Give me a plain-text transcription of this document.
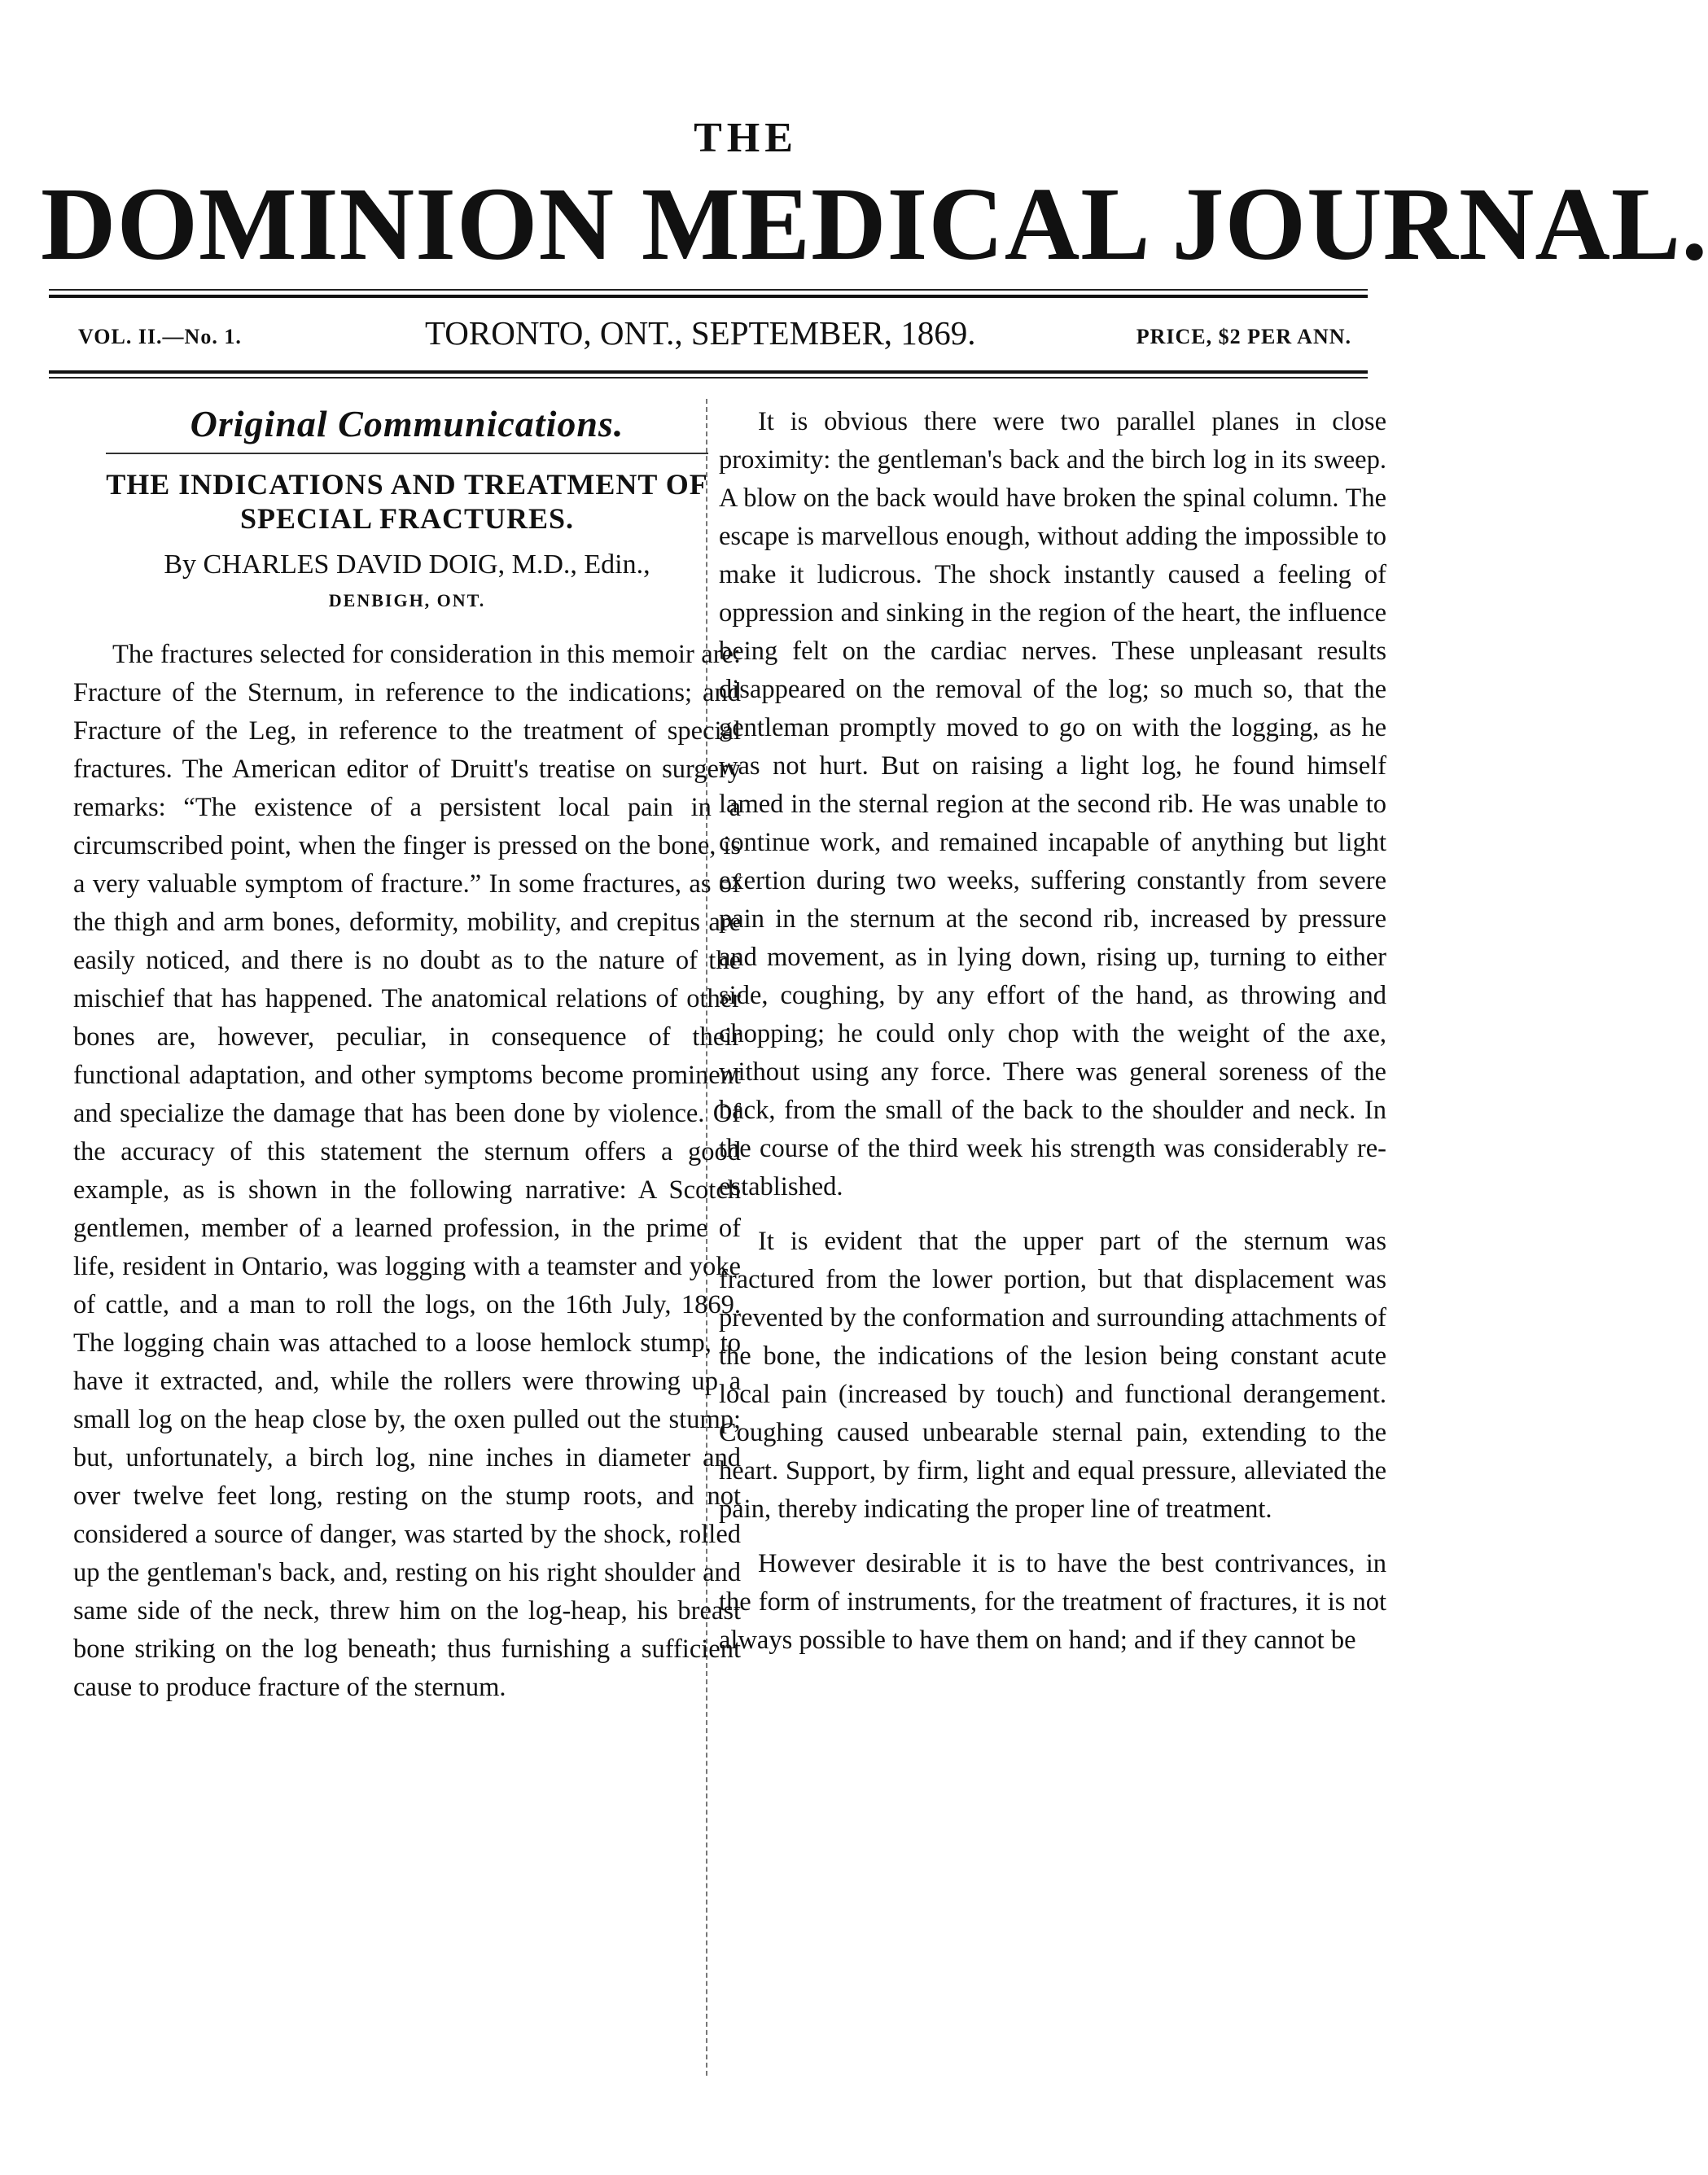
THE
DOMINION MEDICAL JOURNAL.
VOL. II.—No. 1.	TORONTO, ONT., SEPTEMBER, 1869.	PRICE, $2 PER ANN.
Original Communications.
THE INDICATIONS AND TREATMENT OF SPECIAL FRACTURES.
By CHARLES DAVID DOIG, M.D., Edin.,
DENBIGH, ONT.

The fractures selected for consideration in this memoir are: Fracture of the Sternum, in reference to the indications; and Fracture of the Leg, in reference to the treatment of special fractures. The American editor of Druitt's treatise on surgery remarks: “The existence of a persistent local pain in a circumscribed point, when the finger is pressed on the bone, is a very valuable symptom of fracture.” In some fractures, as of the thigh and arm bones, deformity, mobility, and crepitus are easily noticed, and there is no doubt as to the nature of the mischief that has happened. The anatomical relations of other bones are, however, peculiar, in consequence of their functional adaptation, and other symptoms become prominent and specialize the damage that has been done by violence. Of the accuracy of this statement the sternum offers a good example, as is shown in the following narrative: A Scotch gentlemen, member of a learned profession, in the prime of life, resident in Ontario, was logging with a teamster and yoke of cattle, and a man to roll the logs, on the 16th July, 1869. The logging chain was attached to a loose hemlock stump, to have it extracted, and, while the rollers were throwing up a small log on the heap close by, the oxen pulled out the stump; but, unfortunately, a birch log, nine inches in diameter and over twelve feet long, resting on the stump roots, and not considered a source of danger, was started by the shock, rolled up the gentleman's back, and, resting on his right shoulder and same side of the neck, threw him on the log-heap, his breast bone striking on the log beneath; thus furnishing a sufficient cause to produce fracture of the sternum.

It is obvious there were two parallel planes in close proximity: the gentleman's back and the birch log in its sweep. A blow on the back would have broken the spinal column. The escape is marvellous enough, without adding the impossible to make it ludicrous. The shock instantly caused a feeling of oppression and sinking in the region of the heart, the influence being felt on the cardiac nerves. These unpleasant results disappeared on the removal of the log; so much so, that the gentleman promptly moved to go on with the logging, as he was not hurt. But on raising a light log, he found himself lamed in the sternal region at the second rib. He was unable to continue work, and remained incapable of anything but light exertion during two weeks, suffering constantly from severe pain in the sternum at the second rib, increased by pressure and movement, as in lying down, rising up, turning to either side, coughing, by any effort of the hand, as throwing and chopping; he could only chop with the weight of the axe, without using any force. There was general soreness of the back, from the small of the back to the shoulder and neck. In the course of the third week his strength was considerably re-established.

It is evident that the upper part of the sternum was fractured from the lower portion, but that displacement was prevented by the conformation and surrounding attachments of the bone, the indications of the lesion being constant acute local pain (increased by touch) and functional derangement. Coughing caused unbearable sternal pain, extending to the heart. Support, by firm, light and equal pressure, alleviated the pain, thereby indicating the proper line of treatment.

However desirable it is to have the best contrivances, in the form of instruments, for the treatment of fractures, it is not always possible to have them on hand; and if they cannot be
